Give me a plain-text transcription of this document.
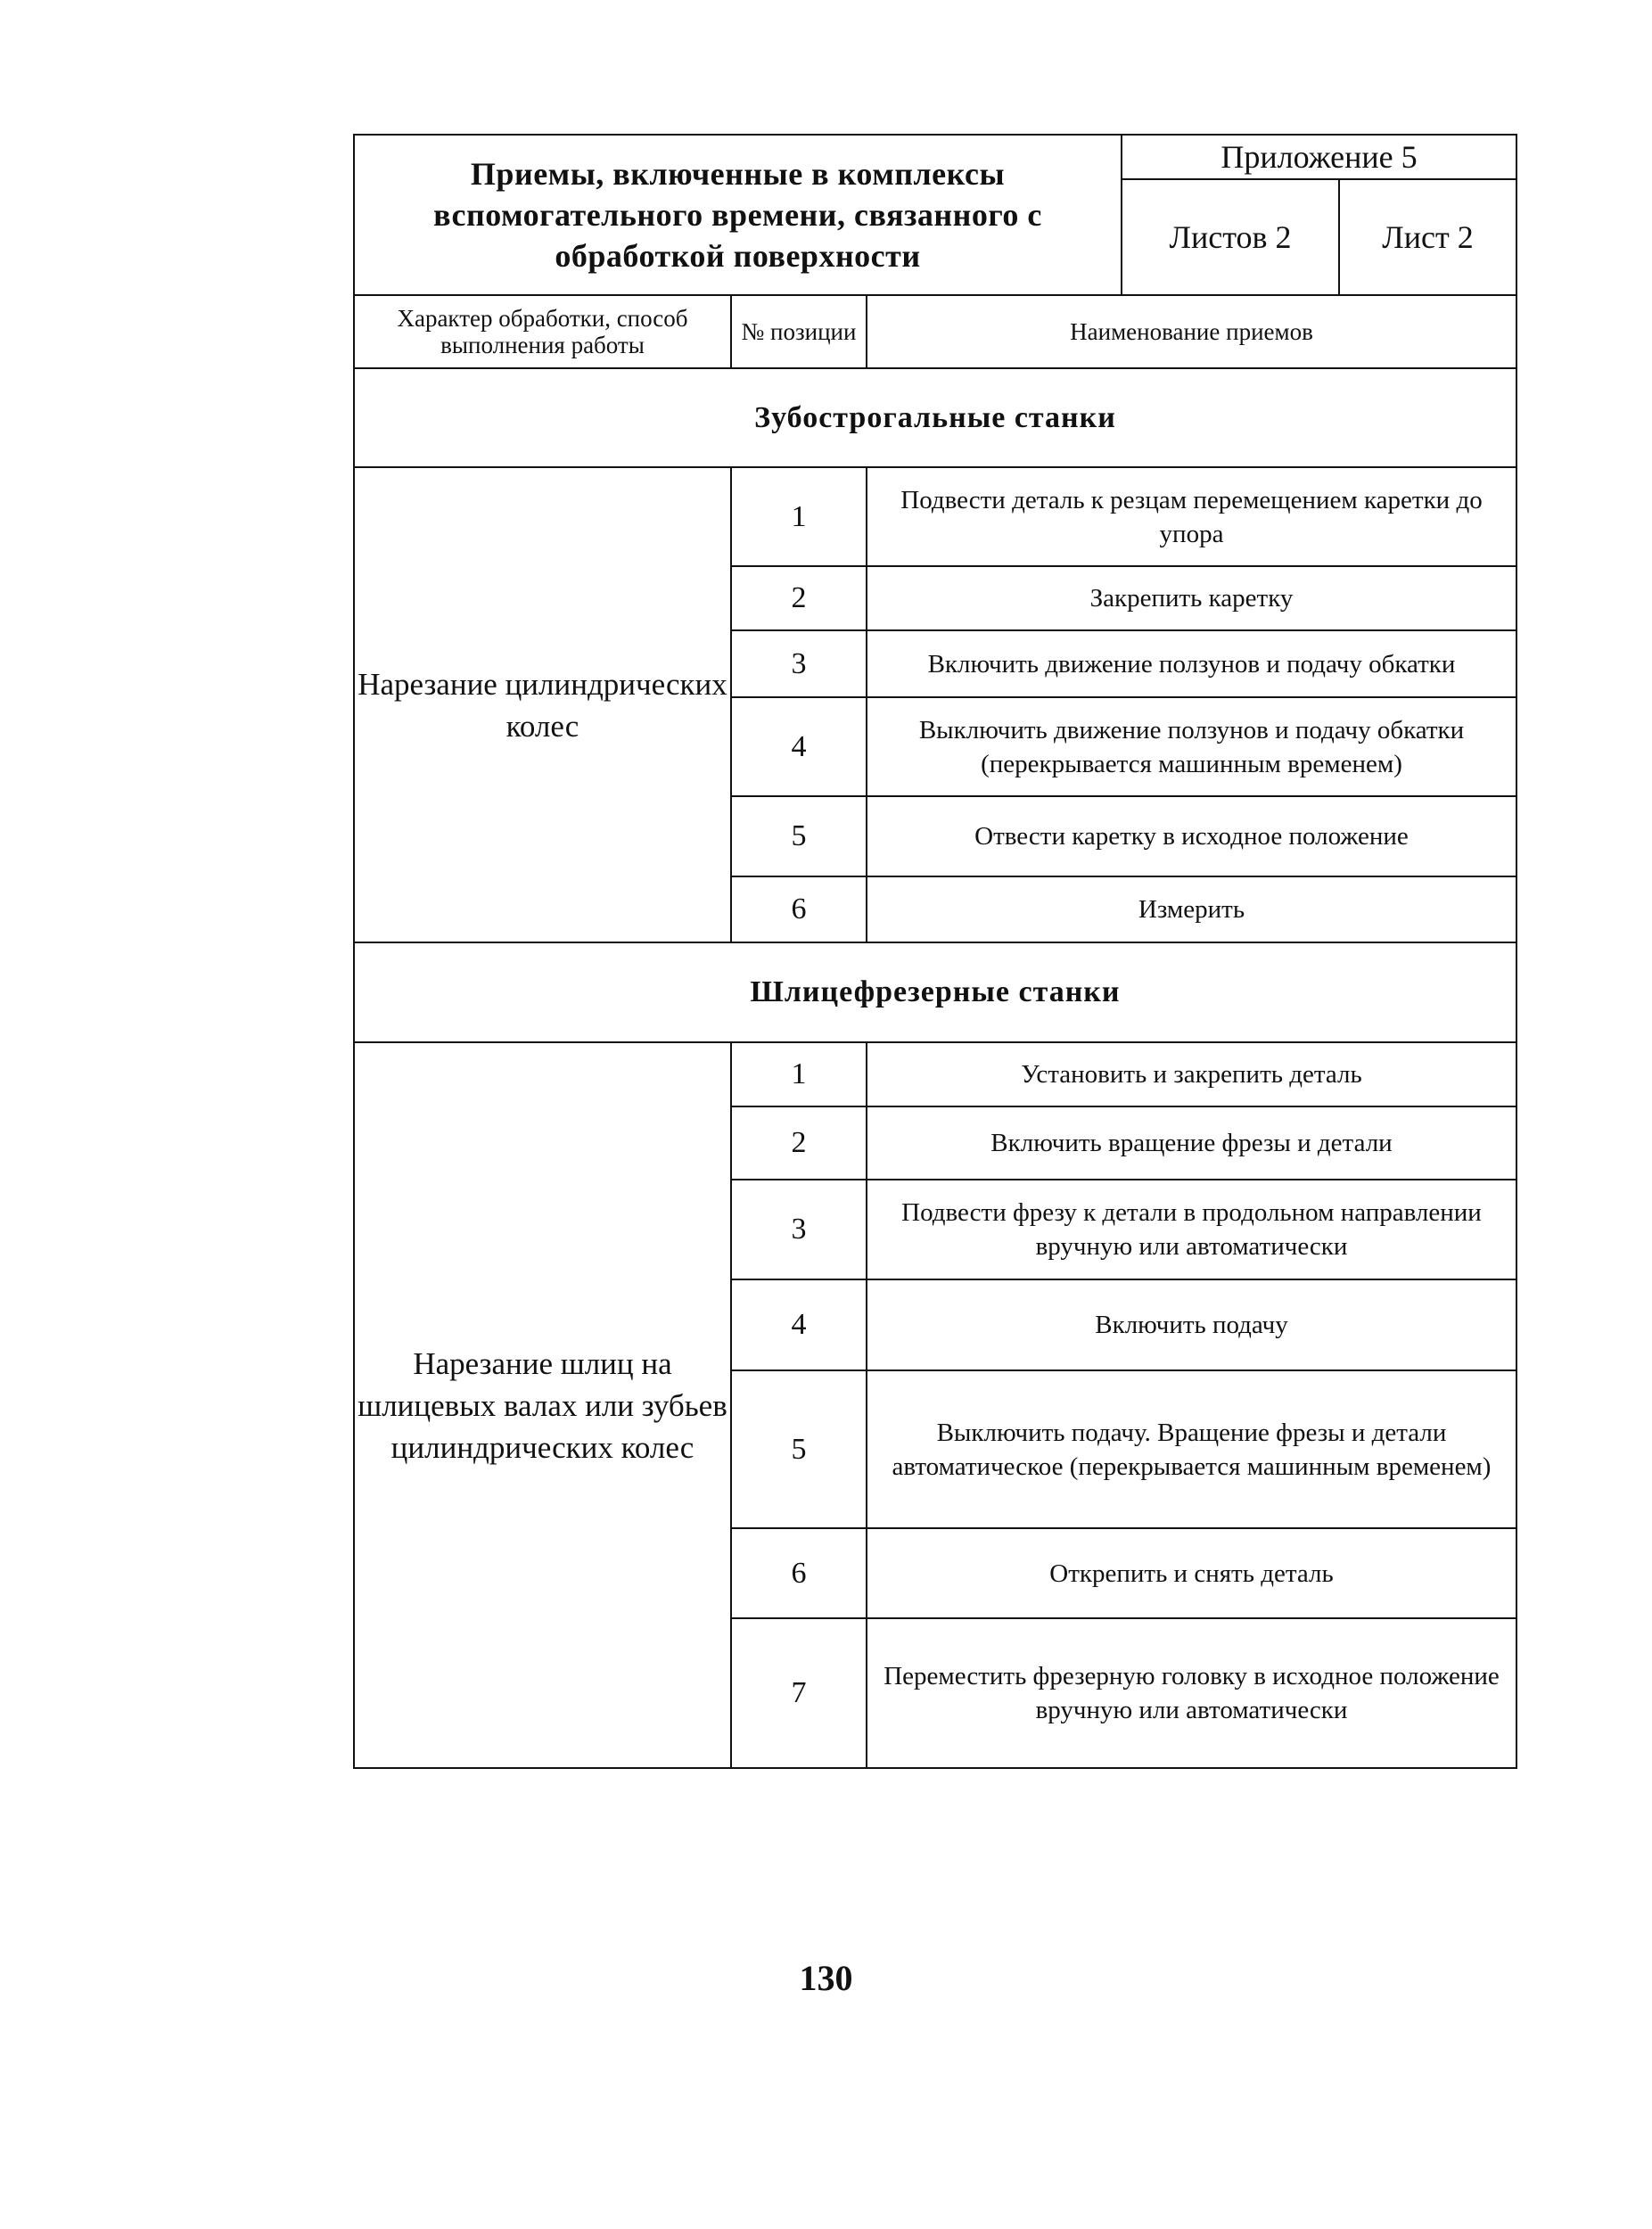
Приемы, включенные в комплексы вспомогательного времени, связанного с обработкой поверхности			Приложение 5	
			Листов 2	Лист 2
Характер обработки, способ выполнения работы	№ позиции	Наименование приемов		
Зубострогальные станки				
Нарезание цилиндрических колес	1	Подвести деталь к резцам перемещением каретки до упора		
	2	Закрепить каретку		
	3	Включить движение ползунов и подачу обкатки		
	4	Выключить движение ползунов и подачу обкатки (перекрывается машинным временем)		
	5	Отвести каретку в исходное положение		
	6	Измерить		
Шлицефрезерные станки				
Нарезание шлиц на шлицевых валах или зубьев цилиндрических колес	1	Установить и закрепить деталь		
	2	Включить вращение фрезы и детали		
	3	Подвести фрезу к детали в продольном направлении вручную или автоматически		
	4	Включить подачу		
	5	Выключить подачу. Вращение фрезы и детали автоматическое (перекрывается машинным временем)		
	6	Открепить и снять деталь		
	7	Переместить фрезерную головку в исходное положение вручную или автоматически		
130
